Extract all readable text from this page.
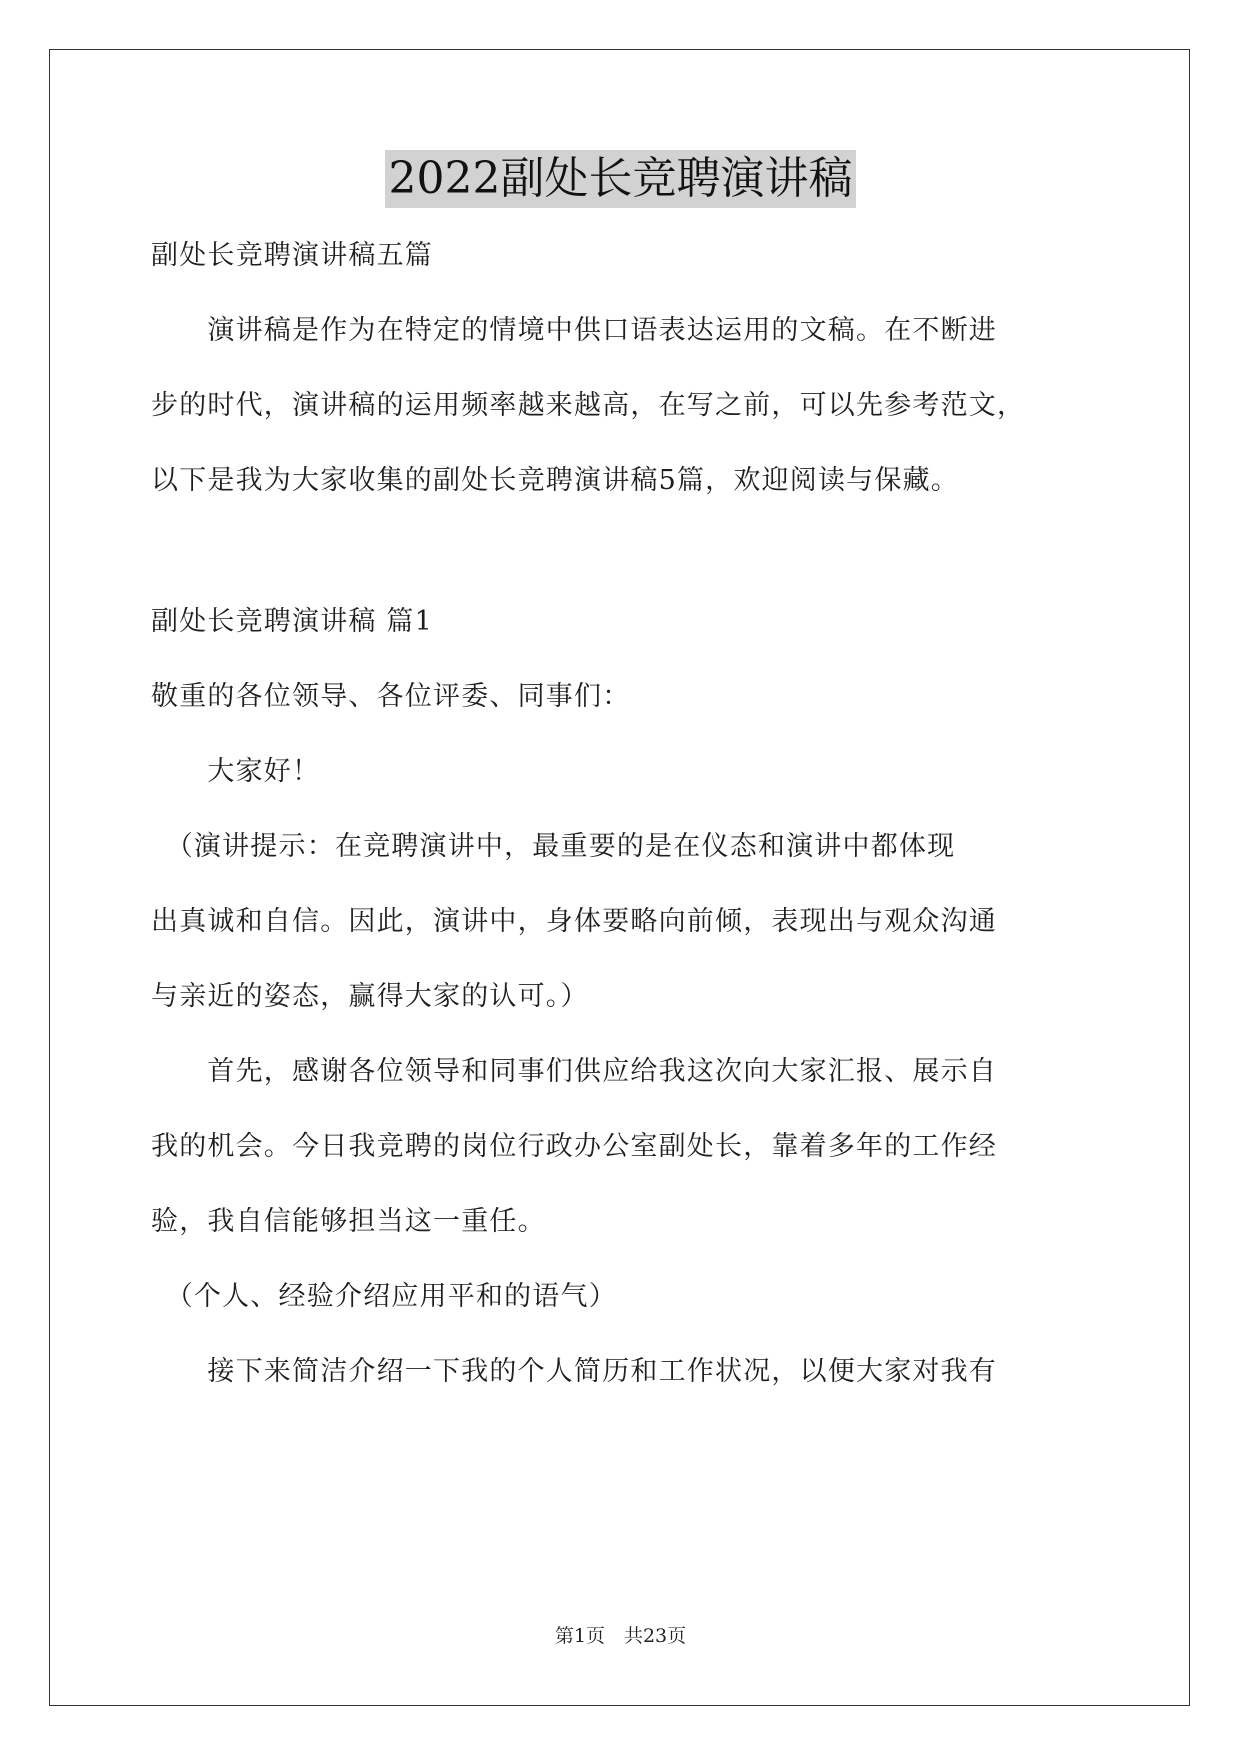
2022副处长竞聘演讲稿
副处长竞聘演讲稿五篇
　　演讲稿是作为在特定的情境中供口语表达运用的文稿。在不断进
步的时代，演讲稿的运用频率越来越高，在写之前，可以先参考范文，
以下是我为大家收集的副处长竞聘演讲稿5篇，欢迎阅读与保藏。
副处长竞聘演讲稿 篇1
敬重的各位领导、各位评委、同事们：
　　大家好！
　（演讲提示：在竞聘演讲中，最重要的是在仪态和演讲中都体现
出真诚和自信。因此，演讲中，身体要略向前倾，表现出与观众沟通
与亲近的姿态，赢得大家的认可。）
　　首先，感谢各位领导和同事们供应给我这次向大家汇报、展示自
我的机会。今日我竞聘的岗位行政办公室副处长，靠着多年的工作经
验，我自信能够担当这一重任。
　（个人、经验介绍应用平和的语气）
　　接下来简洁介绍一下我的个人简历和工作状况，以便大家对我有
第1页　共23页
